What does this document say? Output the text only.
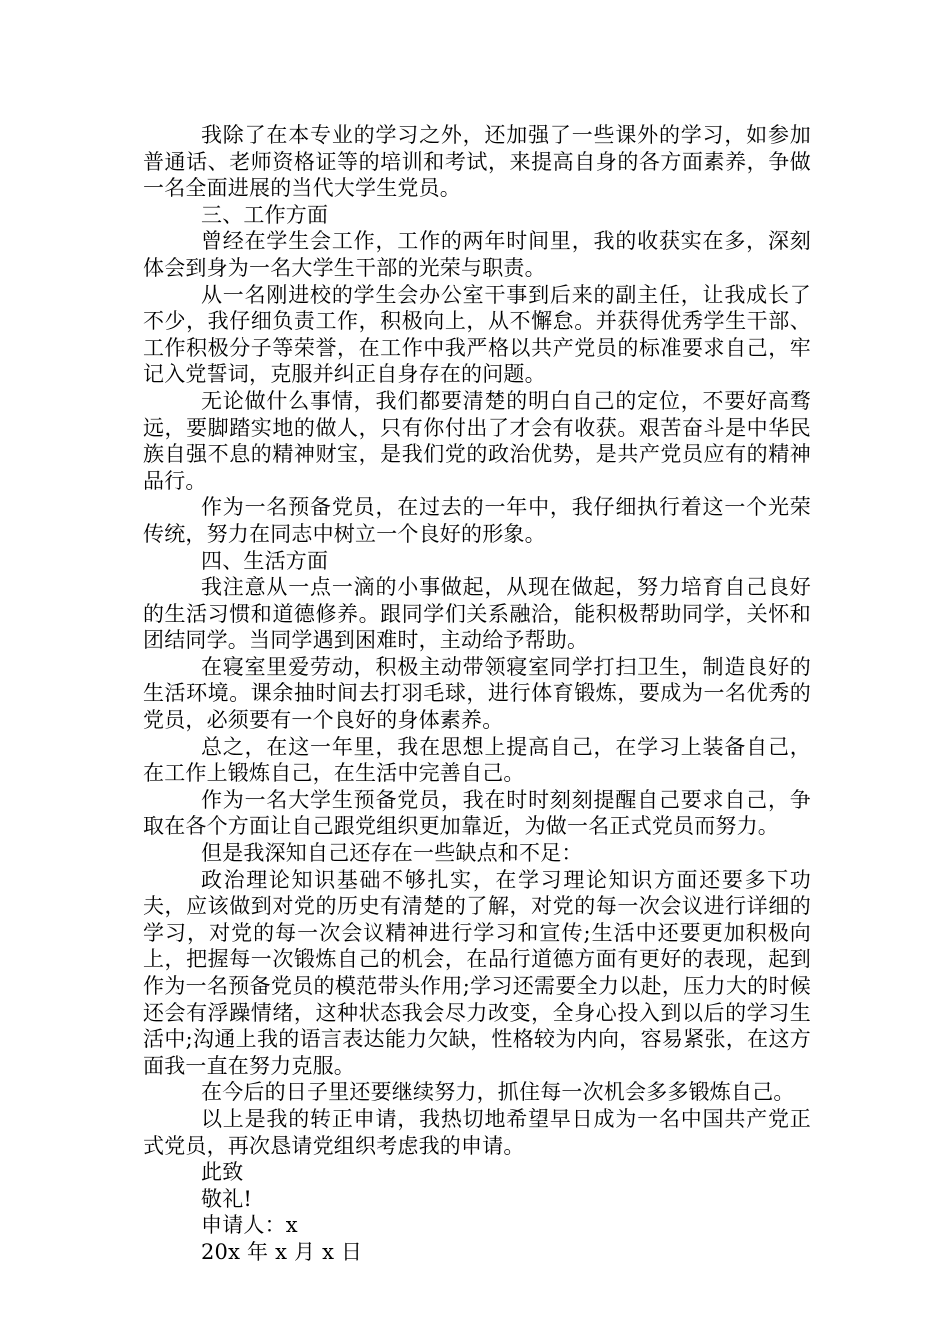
我除了在本专业的学习之外，还加强了一些课外的学习，如参加普通话、老师资格证等的培训和考试，来提高自身的各方面素养，争做一名全面进展的当代大学生党员。

三、工作方面

曾经在学生会工作，工作的两年时间里，我的收获实在多，深刻体会到身为一名大学生干部的光荣与职责。

从一名刚进校的学生会办公室干事到后来的副主任，让我成长了不少，我仔细负责工作，积极向上，从不懈怠。并获得优秀学生干部、工作积极分子等荣誉，在工作中我严格以共产党员的标准要求自己，牢记入党誓词，克服并纠正自身存在的问题。

无论做什么事情，我们都要清楚的明白自己的定位，不要好高骛远，要脚踏实地的做人，只有你付出了才会有收获。艰苦奋斗是中华民族自强不息的精神财宝，是我们党的政治优势，是共产党员应有的精神品行。

作为一名预备党员，在过去的一年中，我仔细执行着这一个光荣传统，努力在同志中树立一个良好的形象。

四、生活方面

我注意从一点一滴的小事做起，从现在做起，努力培育自己良好的生活习惯和道德修养。跟同学们关系融洽，能积极帮助同学，关怀和团结同学。当同学遇到困难时，主动给予帮助。

在寝室里爱劳动，积极主动带领寝室同学打扫卫生，制造良好的生活环境。课余抽时间去打羽毛球，进行体育锻炼，要成为一名优秀的党员，必须要有一个良好的身体素养。

总之，在这一年里，我在思想上提高自己，在学习上装备自己，在工作上锻炼自己，在生活中完善自己。

作为一名大学生预备党员，我在时时刻刻提醒自己要求自己，争取在各个方面让自己跟党组织更加靠近，为做一名正式党员而努力。

但是我深知自己还存在一些缺点和不足：

政治理论知识基础不够扎实，在学习理论知识方面还要多下功夫，应该做到对党的历史有清楚的了解，对党的每一次会议进行详细的学习，对党的每一次会议精神进行学习和宣传;生活中还要更加积极向上，把握每一次锻炼自己的机会，在品行道德方面有更好的表现，起到作为一名预备党员的模范带头作用;学习还需要全力以赴，压力大的时候还会有浮躁情绪，这种状态我会尽力改变，全身心投入到以后的学习生活中;沟通上我的语言表达能力欠缺，性格较为内向，容易紧张，在这方面我一直在努力克服。

在今后的日子里还要继续努力，抓住每一次机会多多锻炼自己。

以上是我的转正申请，我热切地希望早日成为一名中国共产党正式党员，再次恳请党组织考虑我的申请。

此致

敬礼!

申请人：x

20x 年 x 月 x 日
